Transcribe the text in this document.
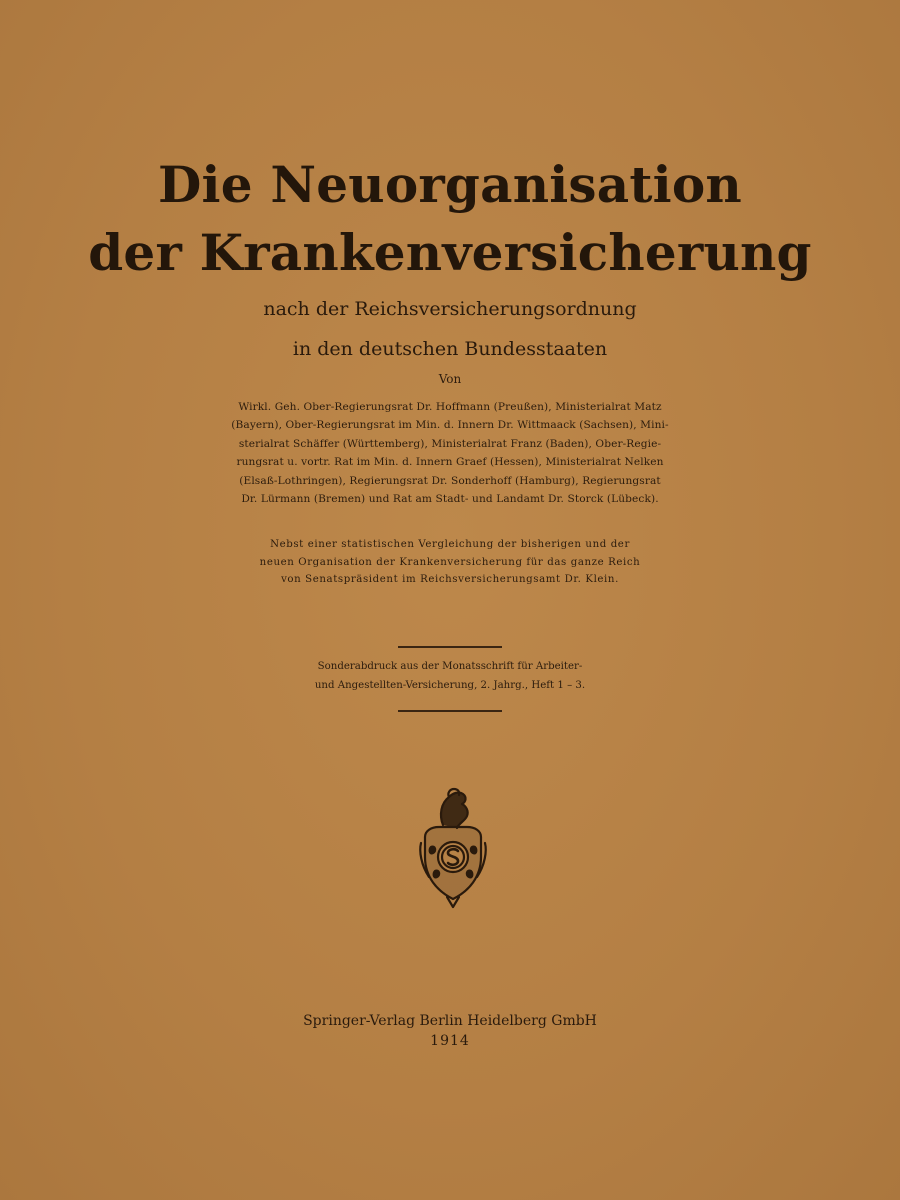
Die Neuorganisation
der Krankenversicherung
nach der Reichsversicherungsordnung
in den deutschen Bundesstaaten
Von
Wirkl. Geh. Ober-Regierungsrat Dr. Hoffmann (Preußen), Ministerialrat Matz
(Bayern), Ober-Regierungsrat im Min. d. Innern Dr. Wittmaack (Sachsen), Mini-
sterialrat Schäffer (Württemberg), Ministerialrat Franz (Baden), Ober-Regie-
rungsrat u. vortr. Rat im Min. d. Innern Graef (Hessen), Ministerialrat Nelken
(Elsaß-Lothringen), Regierungsrat Dr. Sonderhoff (Hamburg), Regierungsrat
Dr. Lürmann (Bremen) und Rat am Stadt- und Landamt Dr. Storck (Lübeck).
Nebst einer statistischen Vergleichung der bisherigen und der
neuen Organisation der Krankenversicherung für das ganze Reich
von Senatspräsident im Reichsversicherungsamt Dr. Klein.
Sonderabdruck aus der Monatsschrift für Arbeiter-
und Angestellten-Versicherung, 2. Jahrg., Heft 1 – 3.
Springer-Verlag Berlin Heidelberg GmbH
1914
